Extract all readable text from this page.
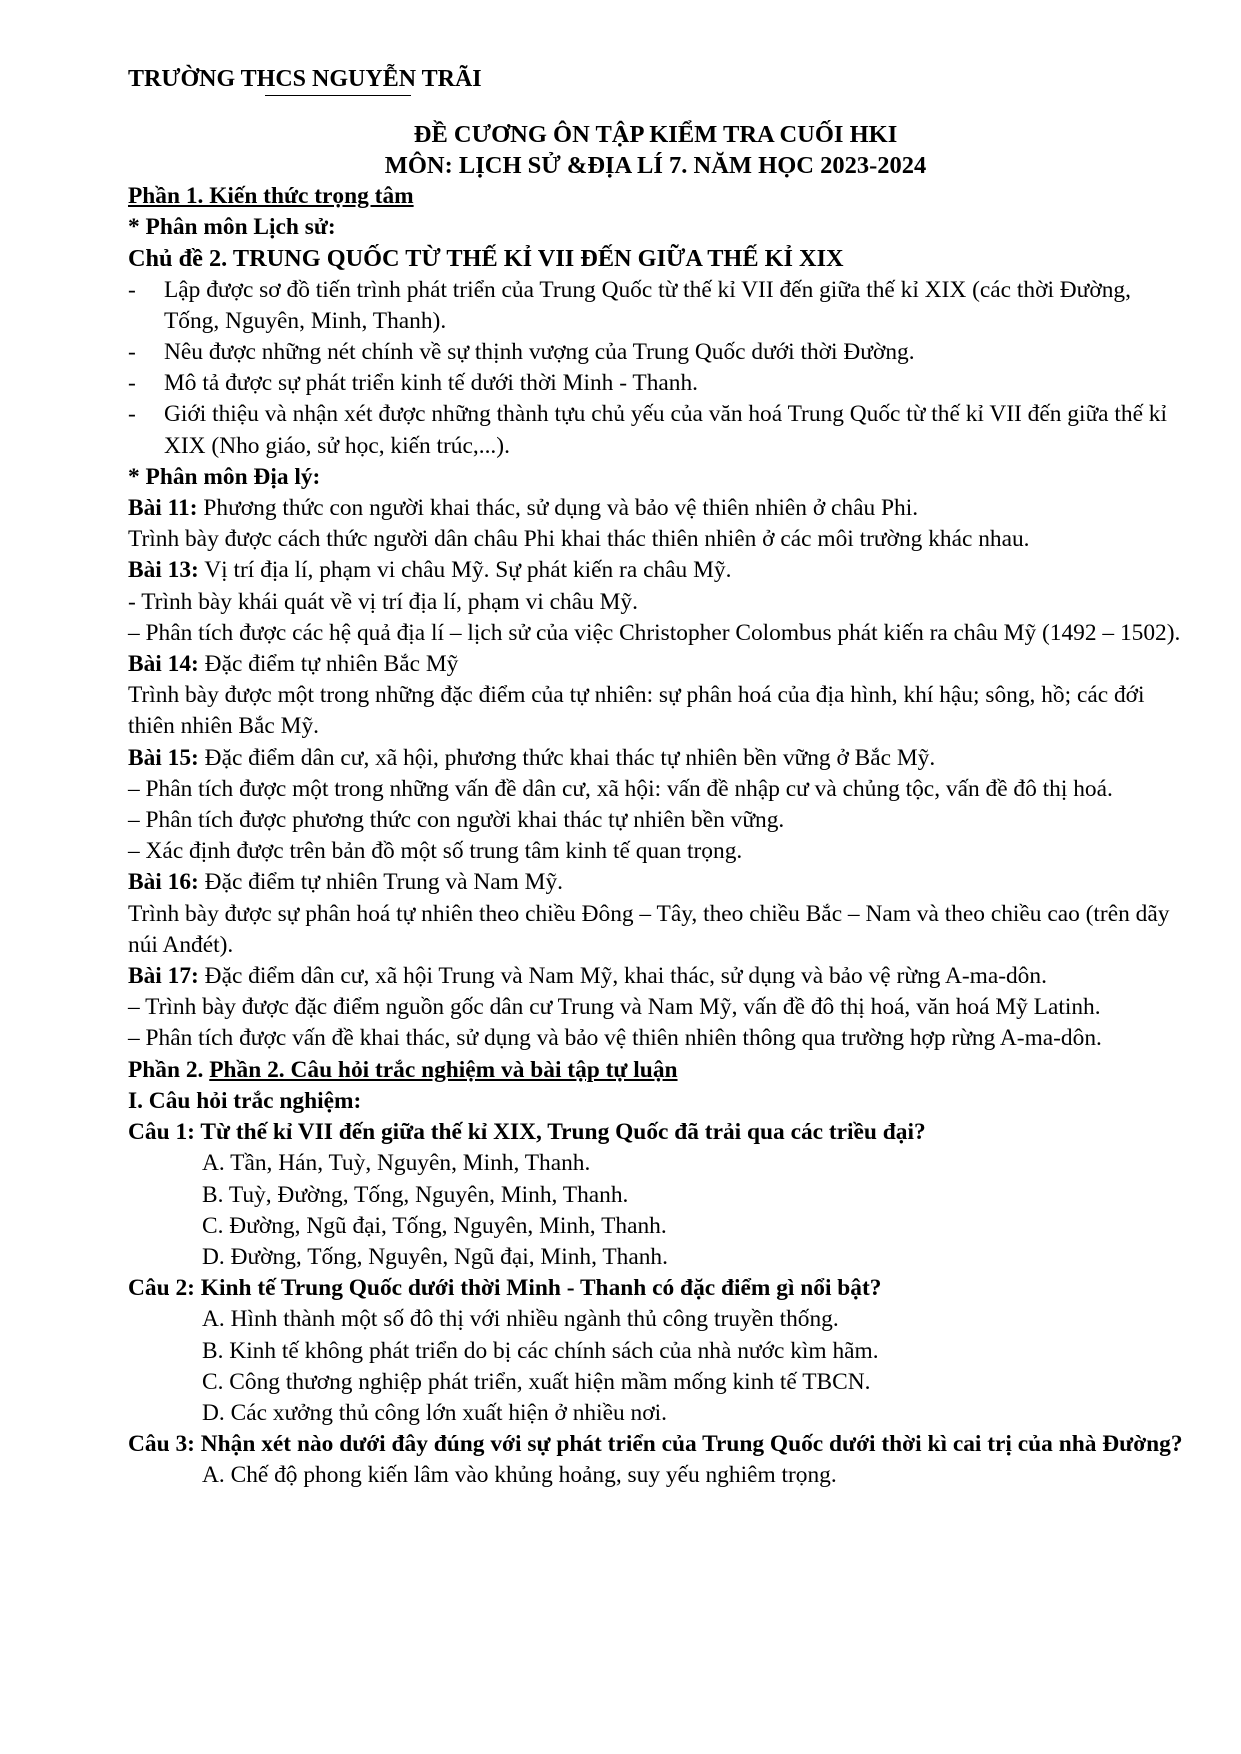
TRƯỜNG THCS NGUYỄN TRÃI
ĐỀ CƯƠNG ÔN TẬP KIỂM TRA CUỐI HKI
MÔN: LỊCH SỬ &ĐỊA LÍ 7. NĂM HỌC 2023-2024
Phần 1. Kiến thức trọng tâm
* Phân môn Lịch sử:
Chủ đề 2. TRUNG QUỐC TỪ THẾ KỈ VII ĐẾN GIỮA THẾ KỈ XIX
-	Lập được sơ đồ tiến trình phát triển của Trung Quốc từ thế kỉ VII đến giữa thế kỉ XIX (các thời Đường, Tống, Nguyên, Minh, Thanh).
-	Nêu được những nét chính về sự thịnh vượng của Trung Quốc dưới thời Đường.
-	Mô tả được sự phát triển kinh tế dưới thời Minh - Thanh.
-	Giới thiệu và nhận xét được những thành tựu chủ yếu của văn hoá Trung Quốc từ thế kỉ VII đến giữa thế kỉ XIX (Nho giáo, sử học, kiến trúc,...).
* Phân môn Địa lý:
Bài 11: Phương thức con người khai thác, sử dụng và bảo vệ thiên nhiên ở châu Phi.
Trình bày được cách thức người dân châu Phi khai thác thiên nhiên ở các môi trường khác nhau.
Bài 13: Vị trí địa lí, phạm vi châu Mỹ. Sự phát kiến ra châu Mỹ.
- Trình bày khái quát về vị trí địa lí, phạm vi châu Mỹ.
– Phân tích được các hệ quả địa lí – lịch sử của việc Christopher Colombus phát kiến ra châu Mỹ (1492 – 1502).
Bài 14: Đặc điểm tự nhiên Bắc Mỹ
Trình bày được một trong những đặc điểm của tự nhiên: sự phân hoá của địa hình, khí hậu; sông, hồ; các đới thiên nhiên Bắc Mỹ.
Bài 15: Đặc điểm dân cư, xã hội, phương thức khai thác tự nhiên bền vững ở Bắc Mỹ.
– Phân tích được một trong những vấn đề dân cư, xã hội: vấn đề nhập cư và chủng tộc, vấn đề đô thị hoá.
– Phân tích được phương thức con người khai thác tự nhiên bền vững.
– Xác định được trên bản đồ một số trung tâm kinh tế quan trọng.
Bài 16: Đặc điểm tự nhiên Trung và Nam Mỹ.
Trình bày được sự phân hoá tự nhiên theo chiều Đông – Tây, theo chiều Bắc – Nam và theo chiều cao (trên dãy núi Anđét).
Bài 17: Đặc điểm dân cư, xã hội Trung và Nam Mỹ, khai thác, sử dụng và bảo vệ rừng A-ma-dôn.
– Trình bày được đặc điểm nguồn gốc dân cư Trung và Nam Mỹ, vấn đề đô thị hoá, văn hoá Mỹ Latinh.
– Phân tích được vấn đề khai thác, sử dụng và bảo vệ thiên nhiên thông qua trường hợp rừng A-ma-dôn.
Phần 2. Phần 2. Câu hỏi trắc nghiệm và bài tập tự luận
I. Câu hỏi trắc nghiệm:
Câu 1: Từ thế kỉ VII đến giữa thế kỉ XIX, Trung Quốc đã trải qua các triều đại?
A. Tần, Hán, Tuỳ, Nguyên, Minh, Thanh.
B. Tuỳ, Đường, Tống, Nguyên, Minh, Thanh.
C. Đường, Ngũ đại, Tống, Nguyên, Minh, Thanh.
D. Đường, Tống, Nguyên, Ngũ đại, Minh, Thanh.
Câu 2: Kinh tế Trung Quốc dưới thời Minh - Thanh có đặc điểm gì nổi bật?
A. Hình thành một số đô thị với nhiều ngành thủ công truyền thống.
B. Kinh tế không phát triển do bị các chính sách của nhà nước kìm hãm.
C. Công thương nghiệp phát triển, xuất hiện mầm mống kinh tế TBCN.
D. Các xưởng thủ công lớn xuất hiện ở nhiều nơi.
Câu 3: Nhận xét nào dưới đây đúng với sự phát triển của Trung Quốc dưới thời kì cai trị của nhà Đường?
A. Chế độ phong kiến lâm vào khủng hoảng, suy yếu nghiêm trọng.
